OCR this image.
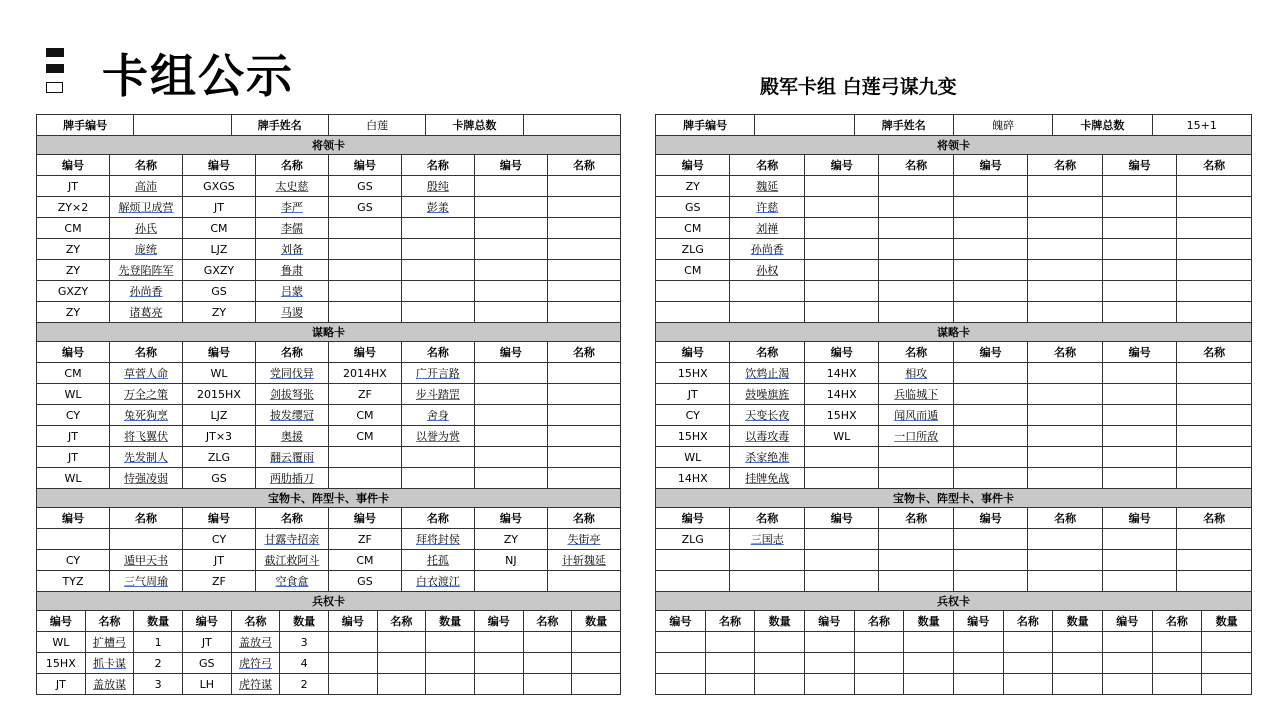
卡组公示	殿军卡组 白莲弓谋九变
牌手编号					牌手姓名			白莲			卡牌总数				
将领卡															
编号		名称		编号		名称		编号		名称		编号		名称	
JT		高沛		GXGS		太史慈		GS		殷纯					
ZY×2		解烦卫成营		JT		李严		GS		彭羕					
CM		孙氏		CM		李儒									
ZY		庞统		LJZ		刘备									
ZY		先登陷阵军		GXZY		鲁肃									
GXZY		孙尚香		GS		吕蒙									
ZY		诸葛亮		ZY		马谡									
谋略卡															
编号		名称		编号		名称		编号		名称		编号		名称	
CM		草菅人命		WL		党同伐异		2014HX		广开言路					
WL		万全之策		2015HX		剑拔弩张		ZF		步斗踏罡					
CY		兔死狗烹		LJZ		披发缨冠		CM		舍身					
JT		将飞翼伏		JT×3		奥援		CM		以誉为赏					
JT		先发制人		ZLG		翻云覆雨									
WL		恃强凌弱		GS		两肋插刀									
宝物卡、阵型卡、事件卡															
编号		名称		编号		名称		编号		名称		编号		名称	
				CY		甘露寺招亲		ZF		拜将封侯		ZY		失街亭	
CY		遁甲天书		JT		截江救阿斗		CM		托孤		NJ		计斩魏延	
TYZ		三气周瑜		ZF		空食盒		GS		白衣渡江					
兵权卡															
编号	名称		数量	编号	名称		数量	编号	名称		数量	编号	名称		数量
WL	扩槽弓		1	JT	盖放弓		3								
15HX	抓卡谋		2	GS	虎符弓		4								
JT	盖放谋		3	LH	虎符谋		2								
牌手编号					牌手姓名			魄碎			卡牌总数		15+1		
将领卡															
编号		名称		编号		名称		编号		名称		编号		名称	
ZY		魏延													
GS		许慈													
CM		刘禅													
ZLG		孙尚香													
CM		孙权													

谋略卡															
编号		名称		编号		名称		编号		名称		编号		名称	
15HX		饮鸩止渴		14HX		相攻									
JT		鼓噪旗旌		14HX		兵临城下									
CY		天变长夜		15HX		闻风而遁									
15HX		以毒攻毒		WL		一口所敌									
WL		杀家绝准													
14HX		挂牌免战													
宝物卡、阵型卡、事件卡															
编号		名称		编号		名称		编号		名称		编号		名称	
ZLG		三国志													

兵权卡															
编号	名称		数量	编号	名称		数量	编号	名称		数量	编号	名称		数量
